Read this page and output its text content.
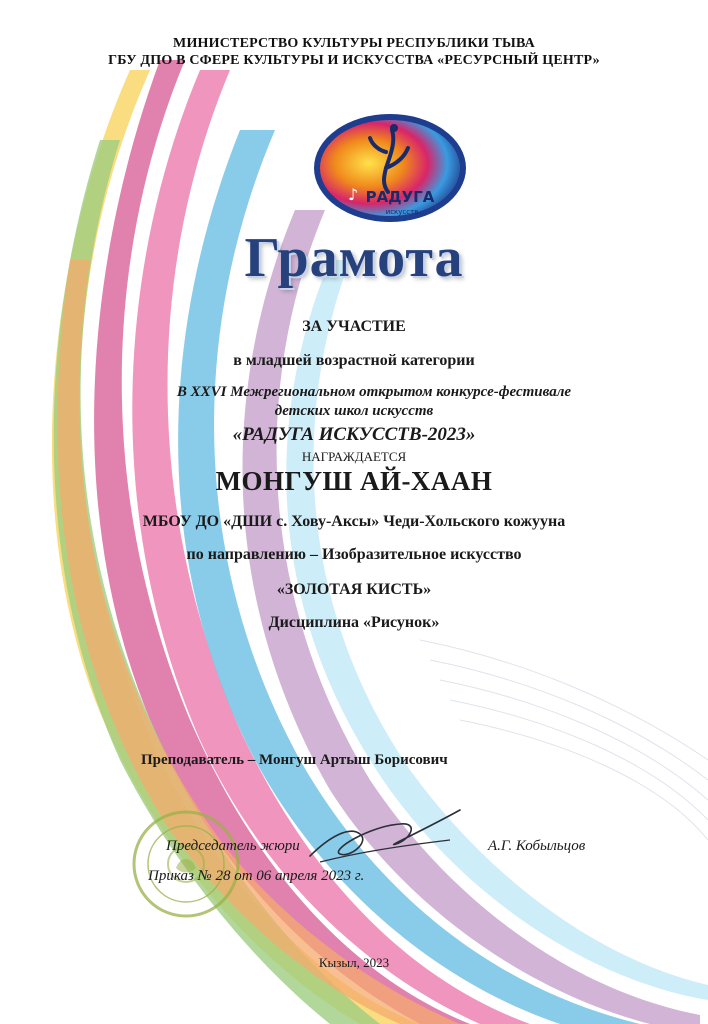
МИНИСТЕРСТВО КУЛЬТУРЫ РЕСПУБЛИКИ ТЫВА
ГБУ ДПО В СФЕРЕ КУЛЬТУРЫ И ИСКУССТВА «РЕСУРСНЫЙ ЦЕНТР»
♪ РАДУГА
искусств
Грамота
ЗА УЧАСТИЕ
в младшей возрастной категории
В XXVI Межрегиональном открытом конкурсе-фестивале
детских школ искусств
«РАДУГА ИСКУССТВ-2023»
НАГРАЖДАЕТСЯ
МОНГУШ АЙ-ХААН
МБОУ ДО «ДШИ с. Хову-Аксы» Чеди-Хольского кожууна
по направлению – Изобразительное искусство
«ЗОЛОТАЯ КИСТЬ»
Дисциплина «Рисунок»
Преподаватель – Монгуш Артыш Борисович
Председатель жюри	А.Г. Кобыльцов
Приказ № 28 от 06 апреля 2023 г.
Кызыл, 2023
